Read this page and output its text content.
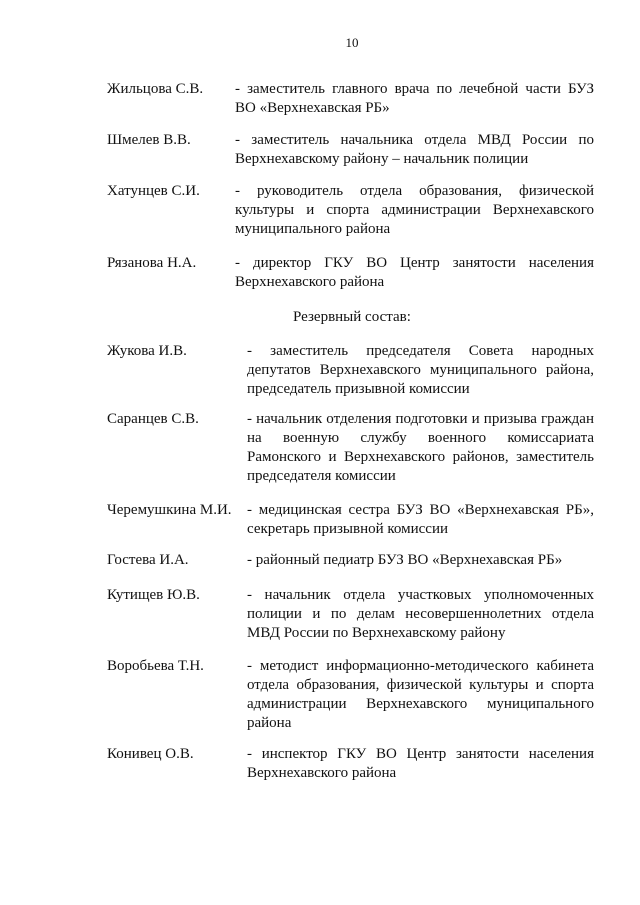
10
Жильцова С.В. - заместитель главного врача по лечебной части БУЗ ВО «Верхнехавская РБ»
Шмелев В.В.	- заместитель начальника отдела МВД России по Верхнехавскому району – начальник полиции
Хатунцев С.И. - руководитель отдела образования, физической культуры и спорта администрации Верхнехавского муниципального района
Рязанова Н.А.	- директор ГКУ ВО Центр занятости населения Верхнехавского района
Резервный состав:
Жукова И.В.	- заместитель председателя Совета народных депутатов Верхнехавского муниципального района, председатель призывной комиссии
Саранцев С.В.	- начальник отделения подготовки и призыва граждан на военную службу военного комиссариата Рамонского и Верхнехавского районов, заместитель председателя комиссии
Черемушкина М.И. - медицинская сестра БУЗ ВО «Верхнехавская РБ», секретарь призывной комиссии
Гостева И.А.	- районный педиатр БУЗ ВО «Верхнехавская РБ»
Кутищев Ю.В.	- начальник отдела участковых уполномоченных полиции и по делам несовершеннолетних отдела МВД России по Верхнехавскому району
Воробьева Т.Н.	- методист информационно-методического кабинета отдела образования, физической культуры и спорта администрации Верхнехавского муниципального района
Конивец О.В.	- инспектор ГКУ ВО Центр занятости населения Верхнехавского района
